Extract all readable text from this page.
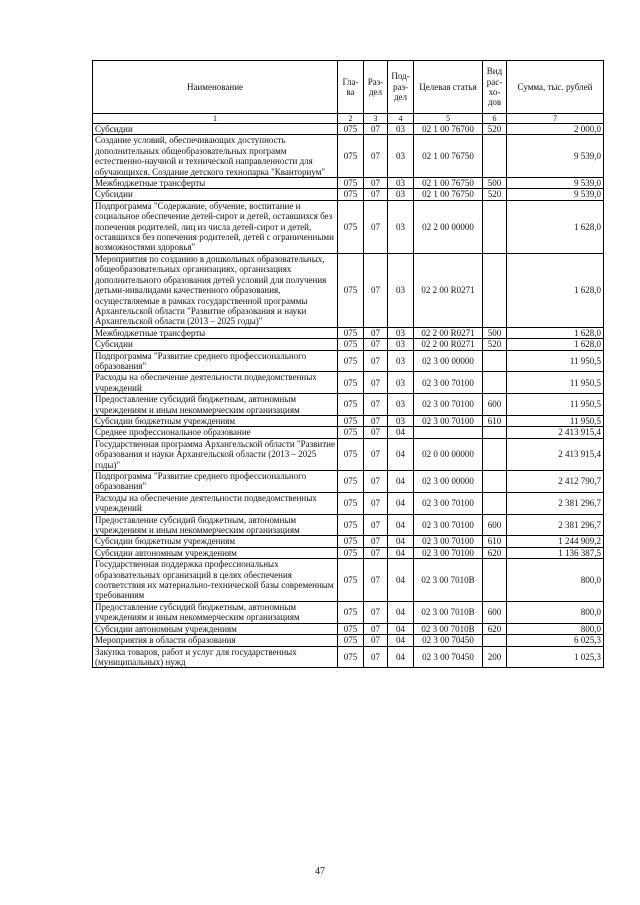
Наименование	Гла-ва	Раз-дел	Под-раз-дел	Целевая статья	Вид рас-хо-дов	Сумма, тыс. рублей
1	2	3	4	5	6	7
Субсидии	075	07	03	02 1 00 76700	520	2 000,0
Создание условий, обеспечивающих доступность дополнительных общеобразовательных программ естественно-научной и технической направленности для обучающихся. Создание детского технопарка "Кванториум"	075	07	03	02 1 00 76750		9 539,0
Межбюджетные трансферты	075	07	03	02 1 00 76750	500	9 539,0
Субсидии	075	07	03	02 1 00 76750	520	9 539,0
Подпрограмма "Содержание, обучение, воспитание и социальное обеспечение детей-сирот и детей, оставшихся без попечения родителей, лиц из числа детей-сирот и детей, оставшихся без попечения родителей, детей с ограниченными возможностями здоровья"	075	07	03	02 2 00 00000		1 628,0
Мероприятия по созданию в дошкольных образовательных, общеобразовательных организациях, организациях дополнительного образования детей условий для получения детьми-инвалидами качественного образования, осуществляемые в рамках государственной программы Архангельской области "Развитие образования и науки Архангельской области (2013 – 2025 годы)"	075	07	03	02 2 00 R0271		1 628,0
Межбюджетные трансферты	075	07	03	02 2 00 R0271	500	1 628,0
Субсидии	075	07	03	02 2 00 R0271	520	1 628,0
Подпрограмма "Развитие среднего профессионального образования"	075	07	03	02 3 00 00000		11 950,5
Расходы на обеспечение деятельности подведомственных учреждений	075	07	03	02 3 00 70100		11 950,5
Предоставление субсидий бюджетным, автономным учреждениям и иным некоммерческим организациям	075	07	03	02 3 00 70100	600	11 950,5
Субсидии бюджетным учреждениям	075	07	03	02 3 00 70100	610	11 950,5
Среднее профессиональное образование	075	07	04			2 413 915,4
Государственная программа Архангельской области "Развитие образования и науки Архангельской области (2013 – 2025 годы)"	075	07	04	02 0 00 00000		2 413 915,4
Подпрограмма "Развитие среднего профессионального образования"	075	07	04	02 3 00 00000		2 412 790,7
Расходы на обеспечение деятельности подведомственных учреждений	075	07	04	02 3 00 70100		2 381 296,7
Предоставление субсидий бюджетным, автономным учреждениям и иным некоммерческим организациям	075	07	04	02 3 00 70100	600	2 381 296,7
Субсидии бюджетным учреждениям	075	07	04	02 3 00 70100	610	1 244 909,2
Субсидии автономным учреждениям	075	07	04	02 3 00 70100	620	1 136 387,5
Государственная поддержка профессиональных образовательных организаций в целях обеспечения соответствия их материально-технической базы современным требованиям	075	07	04	02 3 00 7010В		800,0
Предоставление субсидий бюджетным, автономным учреждениям и иным некоммерческим организациям	075	07	04	02 3 00 7010В	600	800,0
Субсидии автономным учреждениям	075	07	04	02 3 00 7010В	620	800,0
Мероприятия в области образования	075	07	04	02 3 00 70450		6 025,3
Закупка товаров, работ и услуг для государственных (муниципальных) нужд	075	07	04	02 3 00 70450	200	1 025,3
47
